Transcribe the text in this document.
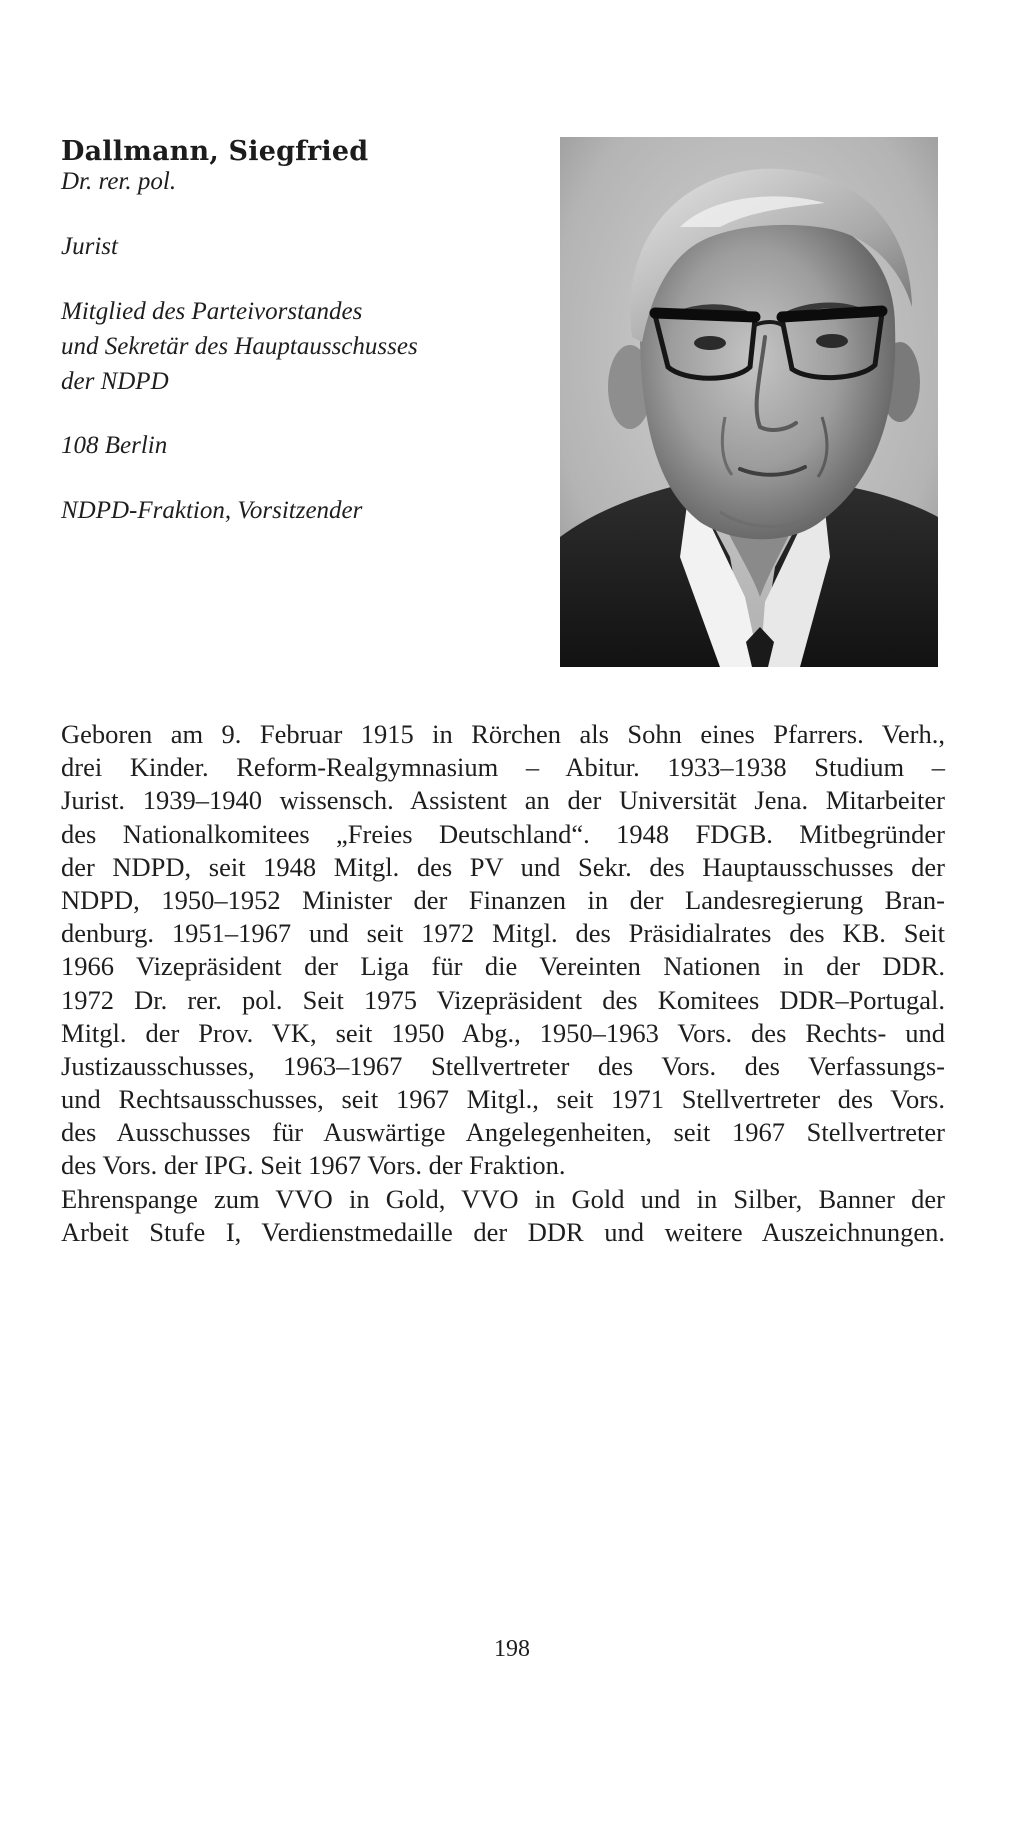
Dallmann, Siegfried
Dr. rer. pol.
Jurist
Mitglied des Parteivorstandes
und Sekretär des Hauptausschusses
der NDPD
108 Berlin
NDPD-Fraktion, Vorsitzender
Geboren am 9. Februar 1915 in Rörchen als Sohn eines Pfarrers. Verh.,
drei Kinder. Reform-Realgymnasium – Abitur. 1933–1938 Studium –
Jurist. 1939–1940 wissensch. Assistent an der Universität Jena. Mitarbeiter
des Nationalkomitees „Freies Deutschland“. 1948 FDGB. Mitbegründer
der NDPD, seit 1948 Mitgl. des PV und Sekr. des Hauptausschusses der
NDPD, 1950–1952 Minister der Finanzen in der Landesregierung Bran-
denburg. 1951–1967 und seit 1972 Mitgl. des Präsidialrates des KB. Seit
1966 Vizepräsident der Liga für die Vereinten Nationen in der DDR.
1972 Dr. rer. pol. Seit 1975 Vizepräsident des Komitees DDR–Portugal.
Mitgl. der Prov. VK, seit 1950 Abg., 1950–1963 Vors. des Rechts- und
Justizausschusses, 1963–1967 Stellvertreter des Vors. des Verfassungs-
und Rechtsausschusses, seit 1967 Mitgl., seit 1971 Stellvertreter des Vors.
des Ausschusses für Auswärtige Angelegenheiten, seit 1967 Stellvertreter
des Vors. der IPG. Seit 1967 Vors. der Fraktion.
Ehrenspange zum VVO in Gold, VVO in Gold und in Silber, Banner der
Arbeit Stufe I, Verdienstmedaille der DDR und weitere Auszeichnungen.
198
